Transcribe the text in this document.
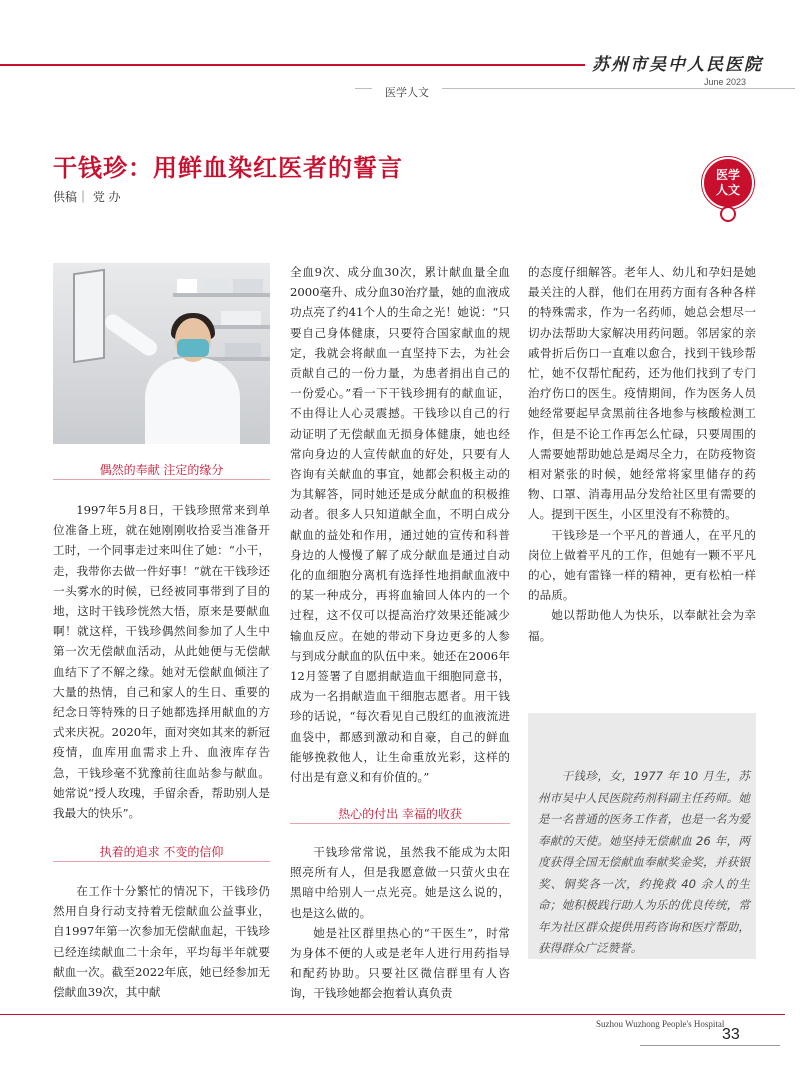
苏州市吴中人民医院
June 2023
医学人文
干钱珍：用鲜血染红医者的誓言
供稿｜ 党 办
医学
人文
偶然的奉献 注定的缘分
执着的追求 不变的信仰
热心的付出 幸福的收获

1997年5月8日，干钱珍照常来到单位准备上班，就在她刚刚收拾妥当准备开工时，一个同事走过来叫住了她：“小干，走，我带你去做一件好事！”就在干钱珍还一头雾水的时候，已经被同事带到了目的地，这时干钱珍恍然大悟，原来是要献血啊！就这样，干钱珍偶然间参加了人生中第一次无偿献血活动，从此她便与无偿献血结下了不解之缘。她对无偿献血倾注了大量的热情，自己和家人的生日、重要的纪念日等特殊的日子她都选择用献血的方式来庆祝。2020年，面对突如其来的新冠疫情，血库用血需求上升、血液库存告急，干钱珍毫不犹豫前往血站参与献血。她常说“授人玫瑰，手留余香，帮助别人是我最大的快乐”。

在工作十分繁忙的情况下，干钱珍仍然用自身行动支持着无偿献血公益事业，自1997年第一次参加无偿献血起，干钱珍已经连续献血二十余年，平均每半年就要献血一次。截至2022年底，她已经参加无偿献血39次，其中献

全血9次、成分血30次，累计献血量全血2000毫升、成分血30治疗量，她的血液成功点亮了约41个人的生命之光！她说：“只要自己身体健康，只要符合国家献血的规定，我就会将献血一直坚持下去，为社会贡献自己的一份力量，为患者捐出自己的一份爱心。”看一下干钱珍拥有的献血证，不由得让人心灵震撼。干钱珍以自己的行动证明了无偿献血无损身体健康，她也经常向身边的人宣传献血的好处，只要有人咨询有关献血的事宜，她都会积极主动的为其解答，同时她还是成分献血的积极推动者。很多人只知道献全血，不明白成分献血的益处和作用，通过她的宣传和科普身边的人慢慢了解了成分献血是通过自动化的血细胞分离机有选择性地捐献血液中的某一种成分，再将血输回人体内的一个过程，这不仅可以提高治疗效果还能减少输血反应。在她的带动下身边更多的人参与到成分献血的队伍中来。她还在2006年12月签署了自愿捐献造血干细胞同意书，成为一名捐献造血干细胞志愿者。用干钱珍的话说，“每次看见自己殷红的血液流进血袋中，都感到激动和自豪，自己的鲜血能够挽救他人，让生命重放光彩，这样的付出是有意义和有价值的。”

干钱珍常常说，虽然我不能成为太阳照亮所有人，但是我愿意做一只萤火虫在黑暗中给别人一点光亮。她是这么说的，也是这么做的。

她是社区群里热心的“干医生”，时常为身体不便的人或是老年人进行用药指导和配药协助。只要社区微信群里有人咨询，干钱珍她都会抱着认真负责

的态度仔细解答。老年人、幼儿和孕妇是她最关注的人群，他们在用药方面有各种各样的特殊需求，作为一名药师，她总会想尽一切办法帮助大家解决用药问题。邻居家的亲戚骨折后伤口一直难以愈合，找到干钱珍帮忙，她不仅帮忙配药，还为他们找到了专门治疗伤口的医生。疫情期间，作为医务人员她经常要起早贪黑前往各地参与核酸检测工作，但是不论工作再怎么忙碌，只要周围的人需要她帮助她总是竭尽全力，在防疫物资相对紧张的时候，她经常将家里储存的药物、口罩、消毒用品分发给社区里有需要的人。提到干医生，小区里没有不称赞的。

干钱珍是一个平凡的普通人，在平凡的岗位上做着平凡的工作，但她有一颗不平凡的心，她有雷锋一样的精神，更有松柏一样的品质。

她以帮助他人为快乐，以奉献社会为幸福。

干钱珍，女，1977 年 10 月生，苏州市吴中人民医院药剂科副主任药师。她是一名普通的医务工作者，也是一名为爱奉献的天使。她坚持无偿献血 26 年，两度获得全国无偿献血奉献奖金奖，并获银奖、铜奖各一次，约挽救 40 余人的生命；她积极践行助人为乐的优良传统，常年为社区群众提供用药咨询和医疗帮助，获得群众广泛赞誉。
Suzhou Wuzhong People's Hospital
33
